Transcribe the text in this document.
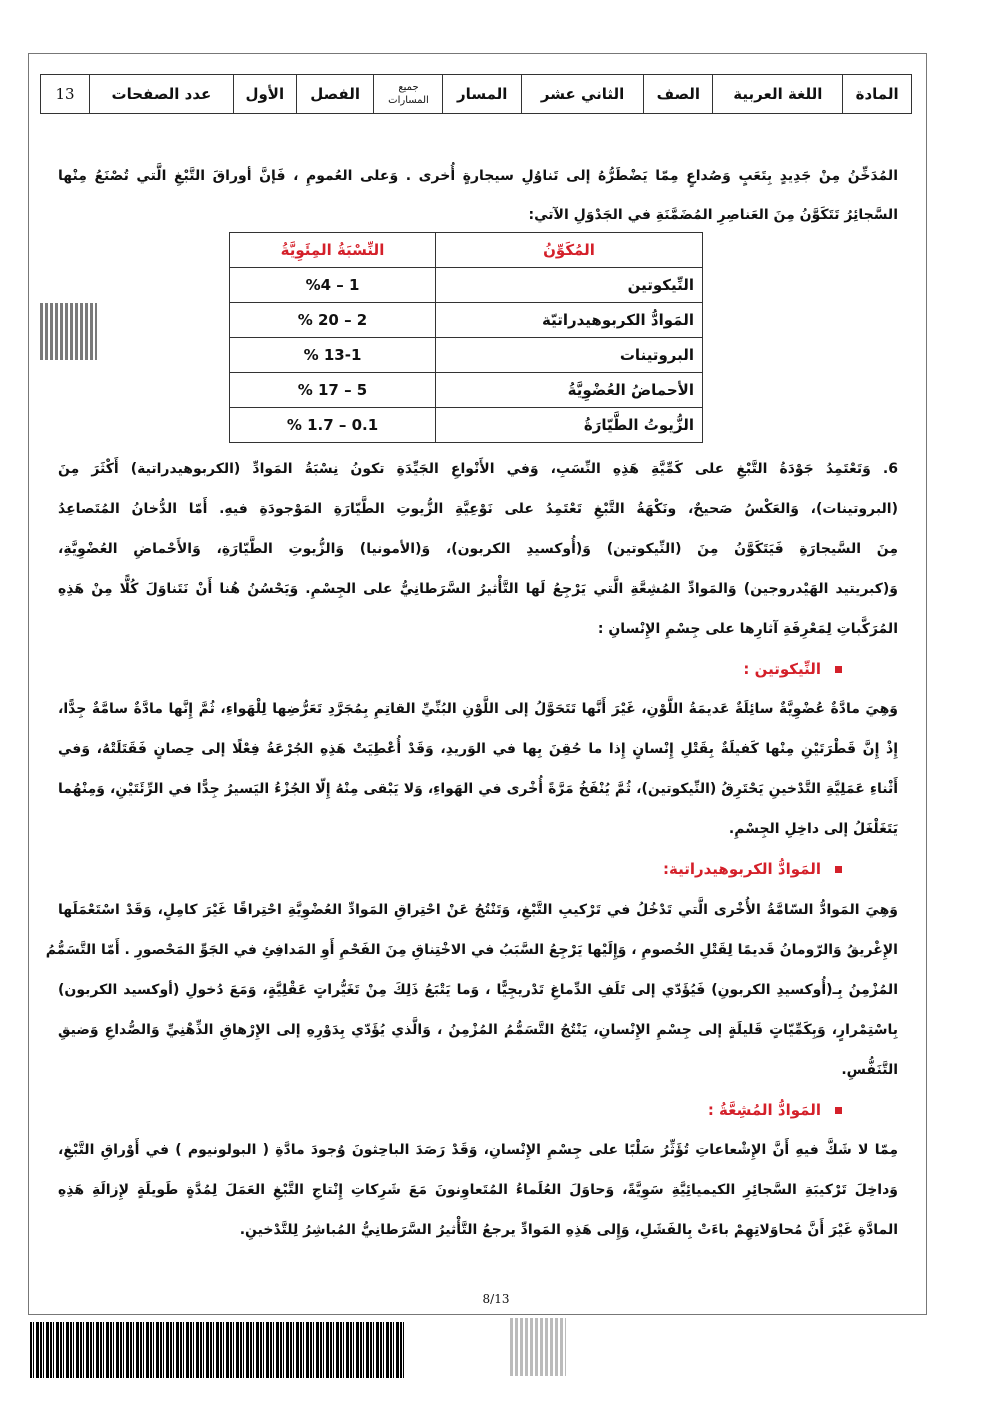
المادة	اللغة العربية	الصف	الثاني عشر	المسار	جميع المسارات	الفصل	الأول	عدد الصفحات	13
المُدَخِّنُ مِنْ جَدِيدٍ بِتَعَبٍ وَصُداعٍ مِمّا يَضْطَرُّهُ إلى تَناوُلِ سيجارةٍ أُخرى . وَعلى العُمومِ ، فَإنَّ أوراقَ التَّبْغِ الَّتي تُصْنَعُ مِنْها
السَّجائِرُ تَتَكَوَّنُ مِنَ العَناصِرِ المُضَمَّنَةِ في الجَدْوَلِ الآتي:
المُكَوِّنُ	النِّسْبَةُ المِئَوِيَّةُ
النِّيكوتين	%4 – 1
المَوادُّ الكربوهيدراتيّة	% 20 – 2
البروتينات	% 13-1
الأحماضُ العُضْوِيَّةُ	% 17 – 5
الزُّيوتُ الطَّيّارَةُ	% 1.7 – 0.1
6. وَتَعْتَمِدُ جَوْدَةُ التَّبْغِ على كَمِّيَّةِ هَذِهِ النِّسَبِ، وَفي الأَنْواعِ الجَيِّدَةِ تكونُ نِسْبَةُ المَوادِّ (الكربوهيدراتية) أَكْثَرَ مِنَ
(البروتينات)، وَالعَكْسُ صَحيحٌ، ونَكْهَةُ التَّبْغِ تَعْتَمِدُ على نَوْعِيَّةِ الزُّيوتِ الطَّيّارَةِ المَوْجودَةِ فيهِ. أَمّا الدُّخانُ المُتَصاعِدُ
مِنَ السَّيجارَةِ فَيَتَكَوَّنُ مِنَ (النِّيكوتين) وَ(أُوكسيدِ الكربون)، وَ(الأمونيا) وَالزُّيوتِ الطَّيّارَةِ، وَالأَحْماضِ العُضْوِيَّةِ،
وَ(كبريتيد الهَيْدروجين) وَالمَوادِّ المُشِعَّةِ الَّتي يَرْجِعُ لَها التَّأْثيرُ السَّرَطانِيُّ على الجِسْمِ. وَيَحْسُنُ هُنا أَنْ نَتَناوَلَ كُلًّا مِنْ هَذِهِ
المُرَكَّباتِ لِمَعْرِفَةِ آثارِها على جِسْمِ الإِنْسانِ :
النِّيكوتين :
وَهِيَ مادَّةٌ عُضْوِيَّةٌ سائِلَةٌ عَديمَةُ اللَّوْنِ، غَيْرَ أَنَّها تَتَحَوَّلُ إلى اللَّوْنِ البُنِّيِّ القاتِمِ بِمُجَرَّدِ تَعَرُّضِها لِلْهَواءِ، ثُمَّ إِنَّها مادَّةٌ سامَّةٌ جِدًّا،
إِذْ إِنَّ قَطْرَتَيْنِ مِنْها كَفيلَةٌ بِقَتْلِ إِنْسانٍ إِذا ما حُقِنَ بِها في الوَريدِ، وَقَدْ أُعْطِيَتْ هَذِهِ الجُرْعَةُ فِعْلًا إلى حِصانٍ فَقَتَلَتْهُ، وَفي
أَثْناءِ عَمَلِيَّةِ التَّدْخينِ يَحْتَرِقُ (النِّيكوتين)، ثُمَّ يُنْفَخُ مَرَّةً أُخْرى في الهَواءِ، وَلا يَبْقى مِنْهُ إِلّا الجُزْءُ اليَسيرُ جِدًّا في الرِّئَتَيْنِ، وَمِنْهُما
يَتَغَلْغَلُ إلى داخِلِ الجِسْمِ.
المَوادُّ الكربوهيدراتية:
وَهِيَ المَوادُّ السّامَّةُ الأُخْرى الَّتي تَدْخُلُ في تَرْكيبِ التَّبْغِ، وَتَنْتُجُ عَنْ احْتِراقِ المَوادِّ العُضْوِيَّةِ احْتِراقًا غَيْرَ كامِلٍ، وَقَدْ اسْتَعْمَلَها
الإِغْريقُ وَالرّومانُ قَديمًا لِقَتْلِ الخُصومِ ، وَإِلَيْها يَرْجِعُ السَّبَبُ في الاخْتِناقِ مِنَ الفَحْمِ أَوِ المَدافِئِ في الجَوِّ المَحْصورِ . أَمّا التَّسَمُّمُ
المُزْمِنُ بِـ(أُوكسيدِ الكربونِ) فَيُؤَدّي إلى تَلَفِ الدِّماغِ تَدْريجِيًّا ، وَما يَتْبَعُ ذَلِكَ مِنْ تَغَيُّراتٍ عَقْلِيَّةٍ، وَمَعَ دُخولِ (أوكسيد الكربون)
بِاسْتِمْرارٍ، وَبِكَمِّيّاتٍ قَليلَةٍ إلى جِسْمِ الإِنْسانِ، يَنْتُجُ التَّسَمُّمُ المُزْمِنُ ، وَالَّذي يُؤَدّي بِدَوْرِهِ إلى الإِرْهاقِ الذِّهْنِيِّ وَالصُّداعِ وَضيقِ
التَّنَفُّسِ.
المَوادُّ المُشِعَّةُ :
مِمّا لا شَكَّ فيهِ أَنَّ الإِشْعاعاتِ تُؤَثِّرُ سَلْبًا على جِسْمِ الإِنْسانِ، وَقَدْ رَصَدَ الباحِثونَ وُجودَ مادَّةِ ( البولونيوم ) في أَوْراقِ التَّبْغِ،
وَداخِلَ تَرْكيبَةِ السَّجائِرِ الكيميائِيَّةِ سَوِيَّةً، وَحاوَلَ العُلَماءُ المُتَعاوِنونَ مَعَ شَرِكاتِ إِنْتاجِ التَّبْغِ العَمَلَ لِمُدَّةٍ طَويلَةٍ لإِزالَةِ هَذِهِ
المادَّةِ غَيْرَ أَنَّ مُحاوَلاتِهِمْ باءَتْ بِالفَشَلِ، وَإِلى هَذِهِ المَوادِّ يرجعُ التَّأْثيرُ السَّرَطانِيُّ المُباشِرُ لِلتَّدْخينِ.
8/13
